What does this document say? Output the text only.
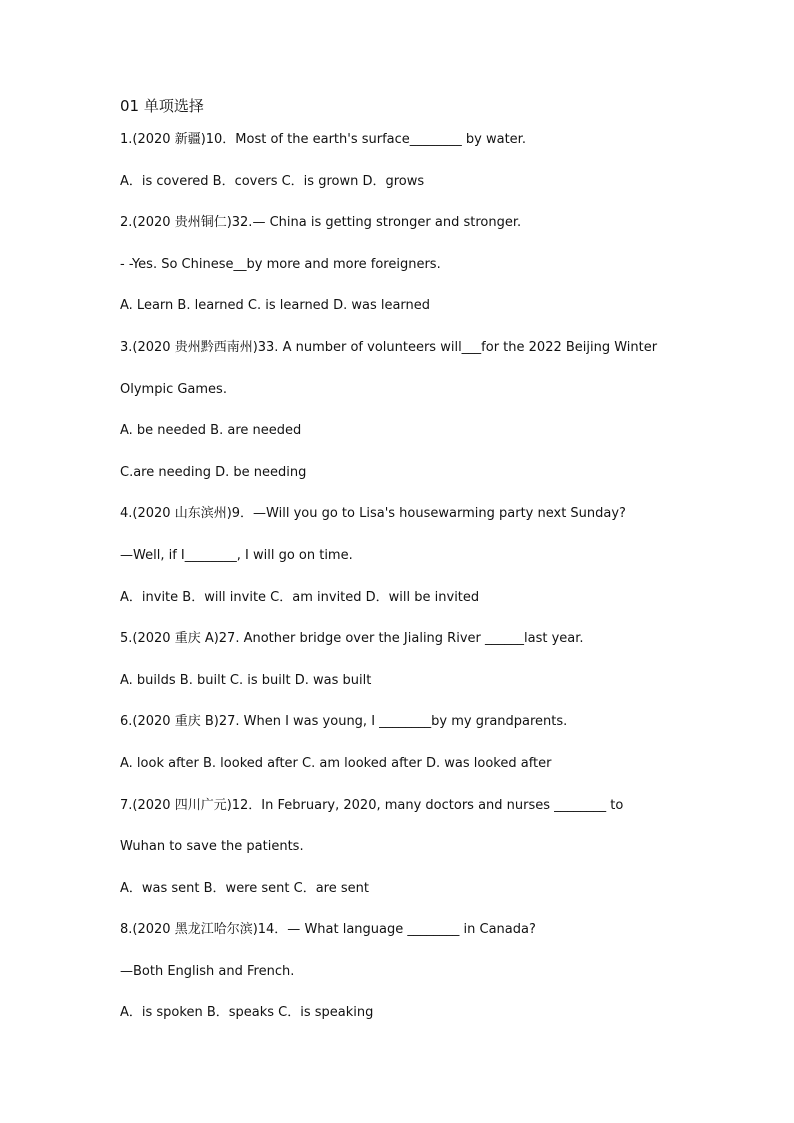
01 单项选择
1.(2020 新疆)10．Most of the earth's surface________ by water.
A．is covered B．covers C．is grown D．grows
2.(2020 贵州铜仁)32.— China is getting stronger and stronger.
- -Yes. So Chinese__by more and more foreigners.
A. Learn B. learned C. is learned D. was learned
3.(2020 贵州黔西南州)33. A number of volunteers will___for the 2022 Beijing Winter
Olympic Games.
A. be needed B. are needed
C.are needing D. be needing
4.(2020 山东滨州)9．—Will you go to Lisa's housewarming party next Sunday?
—Well, if I________, I will go on time.
A．invite B．will invite C．am invited D．will be invited
5.(2020 重庆 A)27. Another bridge over the Jialing River ______last year.
A. builds B. built C. is built D. was built
6.(2020 重庆 B)27. When I was young, I ________by my grandparents.
A. look after B. looked after C. am looked after D. was looked after
7.(2020 四川广元)12．In February, 2020, many doctors and nurses ________ to
Wuhan to save the patients.
A．was sent B．were sent C．are sent
8.(2020 黑龙江哈尔滨)14．— What language ________ in Canada?
—Both English and French.
A．is spoken B．speaks C．is speaking
